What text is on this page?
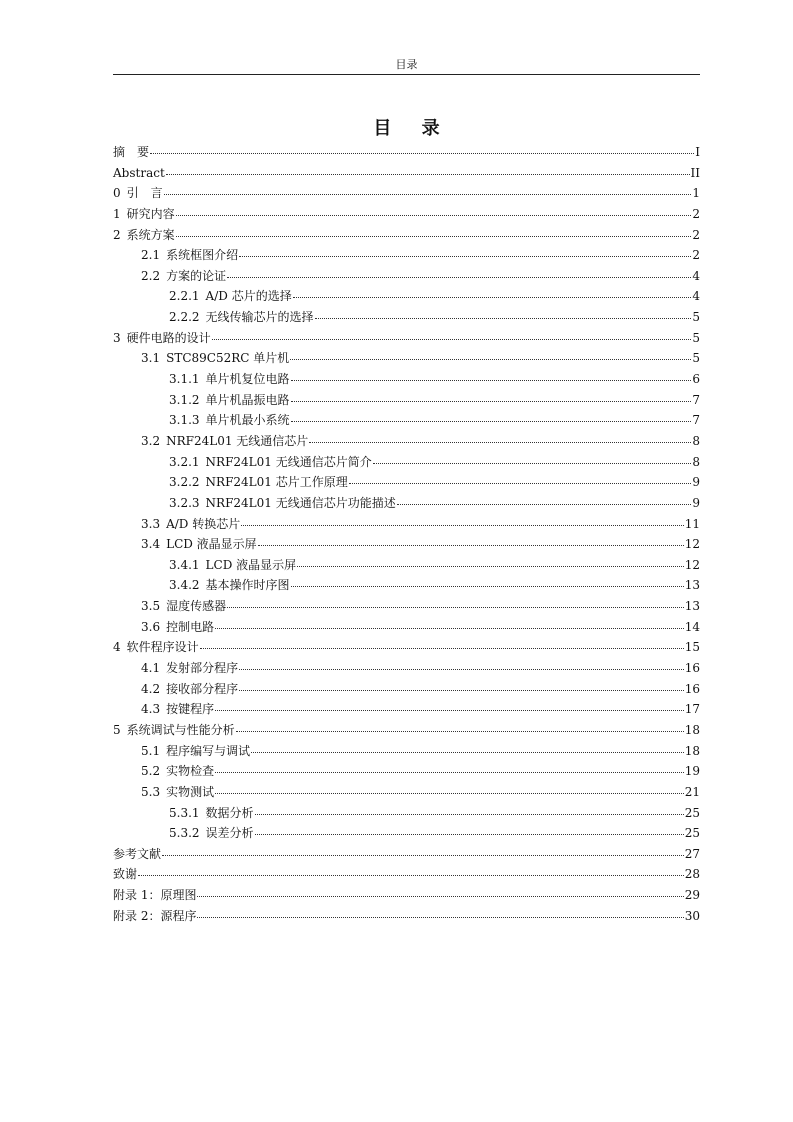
目录
目 录
摘　要	I
Abstract	II
0 引　言	1
1 研究内容	2
2 系统方案	2
2.1 系统框图介绍	2
2.2 方案的论证	4
2.2.1 A/D 芯片的选择	4
2.2.2 无线传输芯片的选择	5
3 硬件电路的设计	5
3.1 STC89C52RC 单片机	5
3.1.1 单片机复位电路	6
3.1.2 单片机晶振电路	7
3.1.3 单片机最小系统	7
3.2 NRF24L01 无线通信芯片	8
3.2.1 NRF24L01 无线通信芯片简介	8
3.2.2 NRF24L01 芯片工作原理	9
3.2.3 NRF24L01 无线通信芯片功能描述	9
3.3 A/D 转换芯片	11
3.4 LCD 液晶显示屏	12
3.4.1 LCD 液晶显示屏	12
3.4.2 基本操作时序图	13
3.5 湿度传感器	13
3.6 控制电路	14
4 软件程序设计	15
4.1 发射部分程序	16
4.2 接收部分程序	16
4.3 按键程序	17
5 系统调试与性能分析	18
5.1 程序编写与调试	18
5.2 实物检查	19
5.3 实物测试	21
5.3.1 数据分析	25
5.3.2 误差分析	25
参考文献	27
致谢	28
附录 1：原理图	29
附录 2：源程序	30
